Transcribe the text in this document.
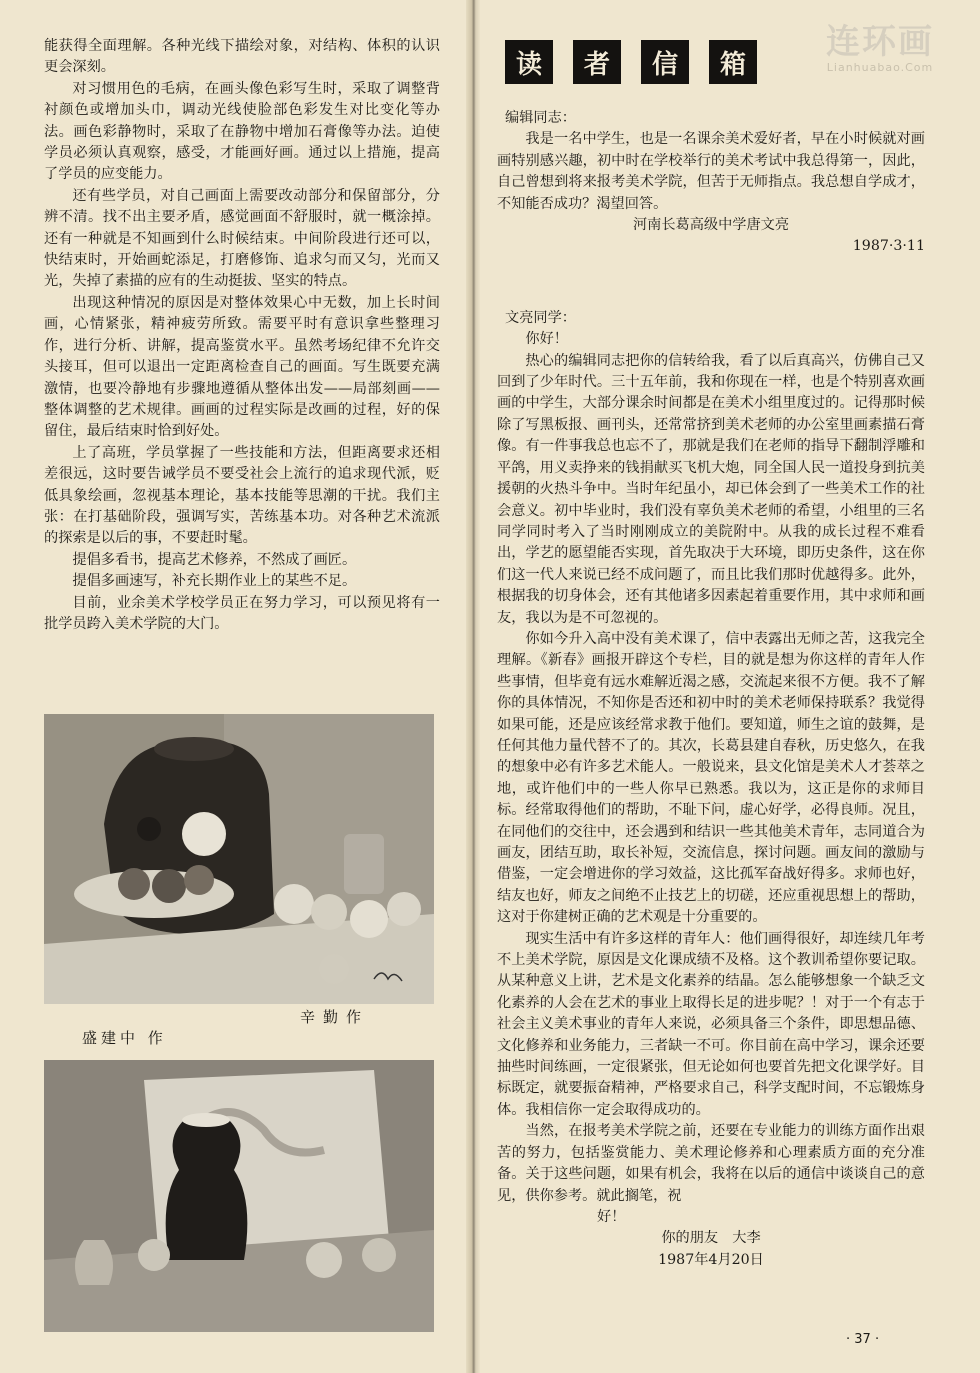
连环画
Lianhuabao.Com

能获得全面理解。各种光线下描绘对象，对结构、体积的认识更会深刻。

对习惯用色的毛病，在画头像色彩写生时，采取了调整背衬颜色或增加头巾，调动光线使脸部色彩发生对比变化等办法。画色彩静物时，采取了在静物中增加石膏像等办法。迫使学员必须认真观察，感受，才能画好画。通过以上措施，提高了学员的应变能力。

还有些学员，对自己画面上需要改动部分和保留部分，分辨不清。找不出主要矛盾，感觉画面不舒服时，就一概涂掉。还有一种就是不知画到什么时候结束。中间阶段进行还可以，快结束时，开始画蛇添足，打磨修饰、追求匀而又匀，光而又光，失掉了素描的应有的生动挺拔、坚实的特点。

出现这种情况的原因是对整体效果心中无数，加上长时间画，心情紧张，精神疲劳所致。需要平时有意识拿些整理习作，进行分析、讲解，提高鉴赏水平。虽然考场纪律不允许交头接耳，但可以退出一定距离检查自己的画面。写生既要充满激情，也要冷静地有步骤地遵循从整体出发——局部刻画——整体调整的艺术规律。画画的过程实际是改画的过程，好的保留住，最后结束时恰到好处。

上了高班，学员掌握了一些技能和方法，但距离要求还相差很远，这时要告诫学员不要受社会上流行的追求现代派，贬低具象绘画，忽视基本理论，基本技能等思潮的干扰。我们主张：在打基础阶段，强调写实，苦练基本功。对各种艺术流派的探索是以后的事，不要赶时髦。

提倡多看书，提高艺术修养，不然成了画匠。

提倡多画速写，补充长期作业上的某些不足。

目前，业余美术学校学员正在努力学习，可以预见将有一批学员跨入美术学院的大门。

辛勤作
盛建中 作
读	者	信	箱

编辑同志：

我是一名中学生，也是一名课余美术爱好者，早在小时候就对画画特别感兴趣，初中时在学校举行的美术考试中我总得第一，因此，自己曾想到将来报考美术学院，但苦于无师指点。我总想自学成才，不知能否成功？渴望回答。

河南长葛高级中学唐文亮

1987·3·11

文亮同学：

你好！

热心的编辑同志把你的信转给我，看了以后真高兴，仿佛自己又回到了少年时代。三十五年前，我和你现在一样，也是个特别喜欢画画的中学生，大部分课余时间都是在美术小组里度过的。记得那时候除了写黑板报、画刊头，还常常挤到美术老师的办公室里画素描石膏像。有一件事我总也忘不了，那就是我们在老师的指导下翻制浮雕和平鸽，用义卖挣来的钱捐献买飞机大炮，同全国人民一道投身到抗美援朝的火热斗争中。当时年纪虽小，却已体会到了一些美术工作的社会意义。初中毕业时，我们没有辜负美术老师的希望，小组里的三名同学同时考入了当时刚刚成立的美院附中。从我的成长过程不难看出，学艺的愿望能否实现，首先取决于大环境，即历史条件，这在你们这一代人来说已经不成问题了，而且比我们那时优越得多。此外，根据我的切身体会，还有其他诸多因素起着重要作用，其中求师和画友，我以为是不可忽视的。

你如今升入高中没有美术课了，信中表露出无师之苦，这我完全理解。《新春》画报开辟这个专栏，目的就是想为你这样的青年人作些事情，但毕竟有远水难解近渴之感，交流起来很不方便。我不了解你的具体情况，不知你是否还和初中时的美术老师保持联系？我觉得如果可能，还是应该经常求教于他们。要知道，师生之谊的鼓舞，是任何其他力量代替不了的。其次，长葛县建自春秋，历史悠久，在我的想象中必有许多艺术能人。一般说来，县文化馆是美术人才荟萃之地，或许他们中的一些人你早已熟悉。我以为，这正是你的求师目标。经常取得他们的帮助，不耻下问，虚心好学，必得良师。况且，在同他们的交往中，还会遇到和结识一些其他美术青年，志同道合为画友，团结互助，取长补短，交流信息，探讨问题。画友间的激励与借鉴，一定会增进你的学习效益，这比孤军奋战好得多。求师也好，结友也好，师友之间绝不止技艺上的切磋，还应重视思想上的帮助，这对于你建树正确的艺术观是十分重要的。

现实生活中有许多这样的青年人：他们画得很好，却连续几年考不上美术学院，原因是文化课成绩不及格。这个教训希望你要记取。从某种意义上讲，艺术是文化素养的结晶。怎么能够想象一个缺乏文化素养的人会在艺术的事业上取得长足的进步呢？！对于一个有志于社会主义美术事业的青年人来说，必须具备三个条件，即思想品德、文化修养和业务能力，三者缺一不可。你目前在高中学习，课余还要抽些时间练画，一定很紧张，但无论如何也要首先把文化课学好。目标既定，就要振奋精神，严格要求自己，科学支配时间，不忘锻炼身体。我相信你一定会取得成功的。

当然，在报考美术学院之前，还要在专业能力的训练方面作出艰苦的努力，包括鉴赏能力、美术理论修养和心理素质方面的充分准备。关于这些问题，如果有机会，我将在以后的通信中谈谈自己的意见，供你参考。就此搁笔，祝

好！

你的朋友　大李

1987年4月20日

· 37 ·
